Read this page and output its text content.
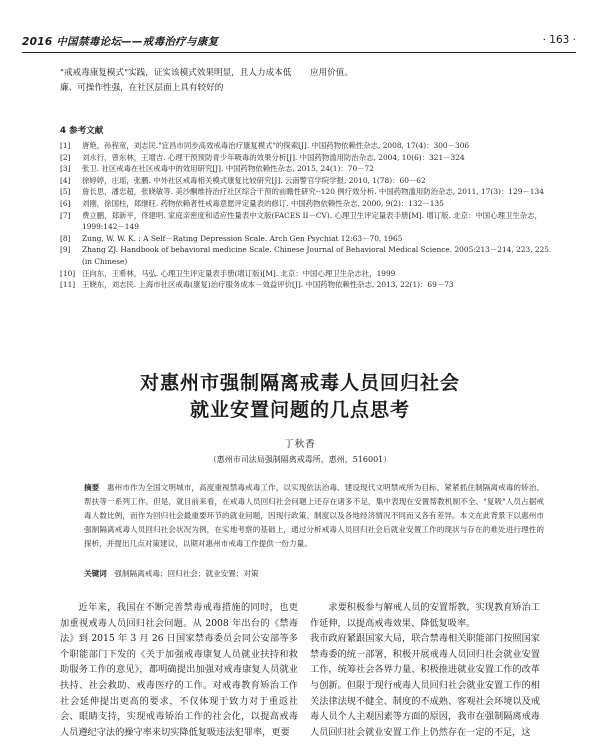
2016 中国禁毒论坛——戒毒治疗与康复	· 163 ·
"戒戒毒康复模式"实践，证实该模式效果明显，且人力成本低廉、可操作性强，在社区层面上具有较好的
应用价值。
4 参考文献
[1]	唐艳，孙程宽，刘志民."宜昌市同步高效戒毒治疗康复模式"的探索[J]. 中国药物依赖性杂志, 2008, 17(4)：300－306
[2]	刘永行，曾东林，王增吉. 心理干预预防青少年吸毒的效果分析[J]. 中国药物滥用防治杂志, 2004, 10(6)：321－324
[3]	张卫. 社区戒毒在社区戒毒中的效用研究[J]. 中国药物依赖性杂志, 2015, 24(1)：70－72
[4]	徐婷婷，庄瑶，张鹏. 中外社区戒毒相关模式康复比较研究[J]. 云南警官学院学报, 2010, 1(78)：60－62
[5]	詹长思，潘忠超，张晓敏等. 美沙酮维持治疗社区综合干预的前瞻性研究--120 例疗效分析. 中国药物滥用防治杂志, 2011, 17(3)：129－134
[6]	刘刚，徐国柱，郑继旺. 药物依赖者性戒毒意愿评定量表的修订. 中国药物依赖性杂志, 2000, 9(2)：132－135
[7]	费立鹏，郑新平，佟建明. 家庭亲密度和适应性量表中文版(FACES II－CV). 心理卫生评定量表手册[M]. 增订版. 北京：中国心理卫生杂志，1999:142－149
[8]	Zung, W. W. K. : A Self－Rating Depression Scale. Arch Gen Psychiat 12:63－70, 1965
[9]	Zhang ZJ. Handbook of behavioral medicine Scale. Chinese Journal of Behavioral Medical Science. 2005:213－214, 223, 225. (in Chinese)
[10] 汪向东，王希林，马弘. 心理卫生评定量表手册(增订版)[M]. 北京：中国心理卫生杂志社，1999
[11] 王晓东，刘志民. 上海市社区戒毒(康复)治疗服务成本－效益评价[J]. 中国药物依赖性杂志, 2013, 22(1)：69－73
对惠州市强制隔离戒毒人员回归社会
就业安置问题的几点思考
丁秋香
（惠州市司法局强制隔离戒毒所，惠州，516001）
摘要  惠州市作为全国文明城市，高度重视禁毒戒毒工作，以实现依法治毒、建设现代文明禁戒所为目标，紧紧抓住制隔离戒毒的矫治、帮扶等一系列工作。但是，就目前来看，在戒毒人员回归社会问题上还存在诸多不足，集中表现在安置帮教机制不全、"复吸"人员占据戒毒人数比例，而作为回归社会最重要环节的就业问题，因现行政策、制度以及各地经济情况不同而又各有差异。本文在此背景下以惠州市强制隔离戒毒人员回归社会状况为例，在实地考察的基础上，通过分析戒毒人员回归社会后就业安置工作的现状与存在的难处进行理性的探析，并提出几点对策建议，以期对惠州市戒毒工作提供一份力量。
关键词  强制隔离戒毒；回归社会；就业安置；对策

近年来，我国在不断完善禁毒戒毒措施的同时，也更加重视戒毒人员回归社会问题。从 2008 年出台的《禁毒法》到 2015 年 3 月 26 日国家禁毒委员会同公安部等多个职能部门下发的《关于加强戒毒康复人员就业扶持和救助服务工作的意见》，都明确提出加强对戒毒康复人员就业扶持、社会救助、戒毒医疗的工作。对戒毒教育矫治工作社会延伸提出更高的要求，不仅体现于致力对于重返社会、眼睛支持，实现戒毒矫治工作的社会化，以提高戒毒人员遵纪守法的操守率来切实降低复吸违法犯罪率，更要

求要积极参与解戒人员的安置帮教，实现教育矫治工作延伸，以提高戒毒效果、降低复吸率。
我市政府紧跟国家大局，联合禁毒相关职能部门按照国家禁毒委的统一部署，积极开展戒毒人员回归社会就业安置工作，统筹社会各界力量、积极推进就业安置工作的改革与创新。但限于现行戒毒人员回归社会就业安置工作的相关法律法规不健全、制度的不成熟、客观社会环境以及戒毒人员个人主观因素等方面的原因，我市在强制隔离戒毒人员回归社会就业安置工作上仍然存在一定的不足，这
